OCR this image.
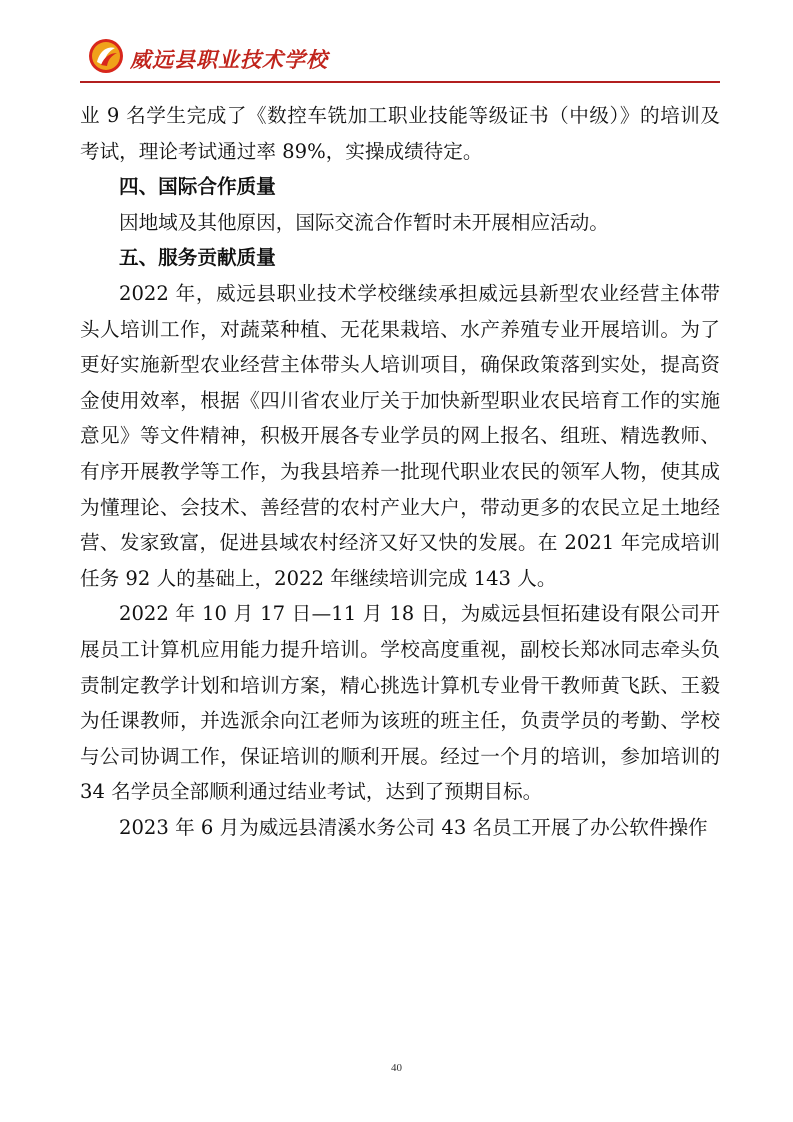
威远县职业技术学校

业 9 名学生完成了《数控车铣加工职业技能等级证书（中级）》的培训及考试，理论考试通过率 89%，实操成绩待定。

四、国际合作质量

因地域及其他原因，国际交流合作暂时未开展相应活动。

五、服务贡献质量

2022 年，威远县职业技术学校继续承担威远县新型农业经营主体带头人培训工作，对蔬菜种植、无花果栽培、水产养殖专业开展培训。为了更好实施新型农业经营主体带头人培训项目，确保政策落到实处，提高资金使用效率，根据《四川省农业厅关于加快新型职业农民培育工作的实施意见》等文件精神，积极开展各专业学员的网上报名、组班、精选教师、有序开展教学等工作，为我县培养一批现代职业农民的领军人物，使其成为懂理论、会技术、善经营的农村产业大户，带动更多的农民立足土地经营、发家致富，促进县域农村经济又好又快的发展。在 2021 年完成培训任务 92 人的基础上，2022 年继续培训完成 143 人。

2022 年 10 月 17 日—11 月 18 日，为威远县恒拓建设有限公司开展员工计算机应用能力提升培训。学校高度重视，副校长郑冰同志牵头负责制定教学计划和培训方案，精心挑选计算机专业骨干教师黄飞跃、王毅为任课教师，并选派余向江老师为该班的班主任，负责学员的考勤、学校与公司协调工作，保证培训的顺利开展。经过一个月的培训，参加培训的 34 名学员全部顺利通过结业考试，达到了预期目标。

2023 年 6 月为威远县清溪水务公司 43 名员工开展了办公软件操作

40
